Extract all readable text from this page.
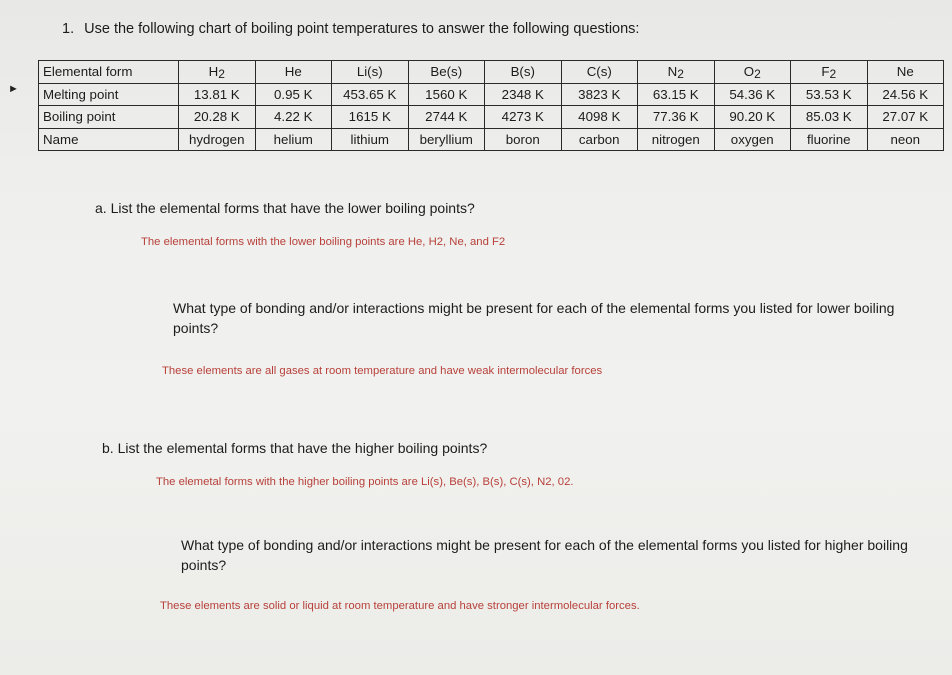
1. Use the following chart of boiling point temperatures to answer the following questions:
►
Elemental form	H2	He	Li(s)	Be(s)	B(s)	C(s)	N2	O2	F2	Ne
Melting point	13.81 K	0.95 K	453.65 K	1560 K	2348 K	3823 K	63.15 K	54.36 K	53.53 K	24.56 K
Boiling point	20.28 K	4.22 K	1615 K	2744 K	4273 K	4098 K	77.36 K	90.20 K	85.03 K	27.07 K
Name	hydrogen	helium	lithium	beryllium	boron	carbon	nitrogen	oxygen	fluorine	neon
a. List the elemental forms that have the lower boiling points?
The elemental forms with the lower boiling points are He, H2, Ne, and F2
What type of bonding and/or interactions might be present for each of the elemental forms you listed for lower boiling points?
These elements are all gases at room temperature and have weak intermolecular forces
b. List the elemental forms that have the higher boiling points?
The elemetal forms with the higher boiling points are Li(s), Be(s), B(s), C(s), N2, 02.
What type of bonding and/or interactions might be present for each of the elemental forms you listed for higher boiling points?
These elements are solid or liquid at room temperature and have stronger intermolecular forces.
